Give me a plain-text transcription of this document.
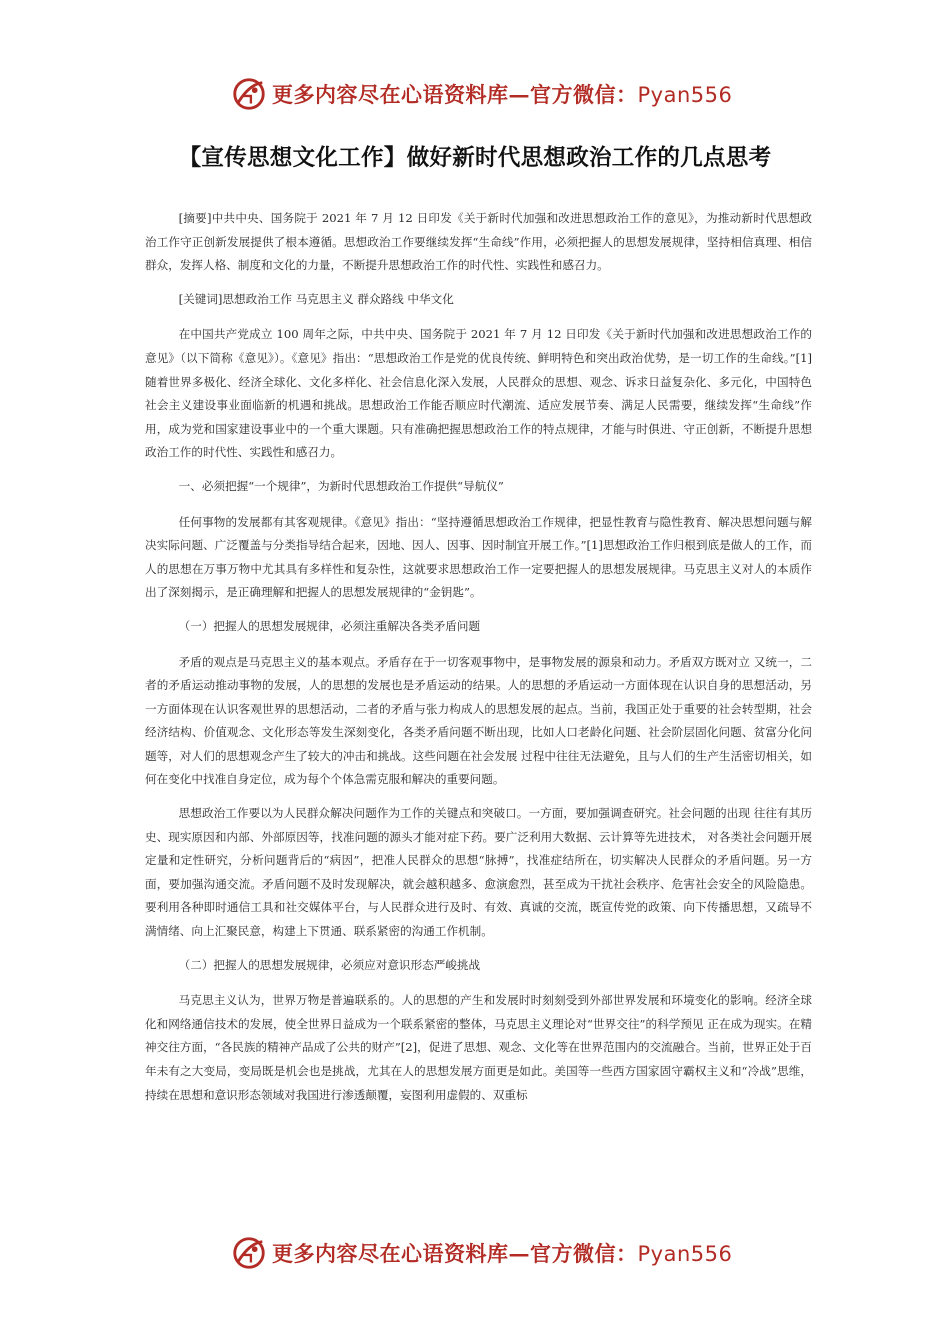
更多内容尽在心语资料库—官方微信：Pyan556
【宣传思想文化工作】做好新时代思想政治工作的几点思考

[摘要]中共中央、国务院于 2021 年 7 月 12 日印发《关于新时代加强和改进思想政治工作的意见》，为推动新时代思想政治工作守正创新发展提供了根本遵循。思想政治工作要继续发挥“生命线”作用，必须把握人的思想发展规律，坚持相信真理、相信群众，发挥人格、制度和文化的力量，不断提升思想政治工作的时代性、实践性和感召力。

[关键词]思想政治工作 马克思主义 群众路线 中华文化

在中国共产党成立 100 周年之际，中共中央、国务院于 2021 年 7 月 12 日印发《关于新时代加强和改进思想政治工作的意见》（以下简称《意见》）。《意见》指出：“思想政治工作是党的优良传统、鲜明特色和突出政治优势，是一切工作的生命线。”[1]随着世界多极化、经济全球化、文化多样化、社会信息化深入发展，人民群众的思想、观念、诉求日益复杂化、多元化，中国特色社会主义建设事业面临新的机遇和挑战。思想政治工作能否顺应时代潮流、适应发展节奏、满足人民需要，继续发挥“生命线”作用，成为党和国家建设事业中的一个重大课题。只有准确把握思想政治工作的特点规律，才能与时俱进、守正创新，不断提升思想政治工作的时代性、实践性和感召力。

一、必须把握“一个规律”，为新时代思想政治工作提供“导航仪”

任何事物的发展都有其客观规律。《意见》指出：“坚持遵循思想政治工作规律，把显性教育与隐性教育、解决思想问题与解决实际问题、广泛覆盖与分类指导结合起来，因地、因人、因事、因时制宜开展工作。”[1]思想政治工作归根到底是做人的工作，而人的思想在万事万物中尤其具有多样性和复杂性，这就要求思想政治工作一定要把握人的思想发展规律。马克思主义对人的本质作出了深刻揭示，是正确理解和把握人的思想发展规律的“金钥匙”。

（一）把握人的思想发展规律，必须注重解决各类矛盾问题

矛盾的观点是马克思主义的基本观点。矛盾存在于一切客观事物中，是事物发展的源泉和动力。矛盾双方既对立 又统一，二者的矛盾运动推动事物的发展，人的思想的发展也是矛盾运动的结果。人的思想的矛盾运动一方面体现在认识自身的思想活动，另一方面体现在认识客观世界的思想活动，二者的矛盾与张力构成人的思想发展的起点。当前，我国正处于重要的社会转型期，社会经济结构、价值观念、文化形态等发生深刻变化，各类矛盾问题不断出现，比如人口老龄化问题、社会阶层固化问题、贫富分化问题等，对人们的思想观念产生了较大的冲击和挑战。这些问题在社会发展 过程中往往无法避免，且与人们的生产生活密切相关，如何在变化中找准自身定位，成为每个个体急需克服和解决的重要问题。

思想政治工作要以为人民群众解决问题作为工作的关键点和突破口。一方面，要加强调查研究。社会问题的出现 往往有其历史、现实原因和内部、外部原因等，找准问题的源头才能对症下药。要广泛利用大数据、云计算等先进技术， 对各类社会问题开展定量和定性研究，分析问题背后的“病因”，把准人民群众的思想“脉搏”，找准症结所在，切实解决人民群众的矛盾问题。另一方面，要加强沟通交流。矛盾问题不及时发现解决，就会越积越多、愈演愈烈，甚至成为干扰社会秩序、危害社会安全的风险隐患。要利用各种即时通信工具和社交媒体平台，与人民群众进行及时、有效、真诚的交流，既宣传党的政策、向下传播思想，又疏导不满情绪、向上汇聚民意，构建上下贯通、联系紧密的沟通工作机制。

（二）把握人的思想发展规律，必须应对意识形态严峻挑战

马克思主义认为，世界万物是普遍联系的。人的思想的产生和发展时时刻刻受到外部世界发展和环境变化的影响。经济全球化和网络通信技术的发展，使全世界日益成为一个联系紧密的整体，马克思主义理论对“世界交往”的科学预见 正在成为现实。在精神交往方面，“各民族的精神产品成了公共的财产”[2]，促进了思想、观念、文化等在世界范围内的交流融合。当前，世界正处于百年未有之大变局，变局既是机会也是挑战，尤其在人的思想发展方面更是如此。美国等一些西方国家固守霸权主义和“冷战”思维，持续在思想和意识形态领域对我国进行渗透颠覆，妄图利用虚假的、双重标

更多内容尽在心语资料库—官方微信：Pyan556
